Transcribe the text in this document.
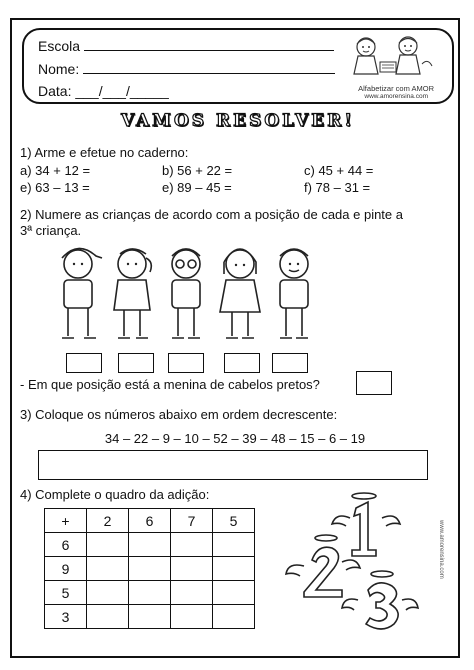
Escola
Nome:
Data: ___/___/_____	Alfabetizar com AMOR
www.amorensina.com
VAMOS RESOLVER!
1) Arme e efetue no caderno:
a) 34 + 12 =	b) 56 + 22 =	c) 45 + 44 =
e) 63 – 13 =	e) 89 – 45 =	f) 78 – 31 =
2) Numere as crianças de acordo com a posição de cada e pinte a
3ª criança.
- Em que posição está a menina de cabelos pretos?
3) Coloque os números abaixo em ordem decrescente:
34 – 22 – 9 – 10 – 52 – 39 – 48 – 15 – 6 – 19
4) Complete o quadro da adição:
+	2	6	7	5
6				
9				
5				
3				
www.amorensina.com
